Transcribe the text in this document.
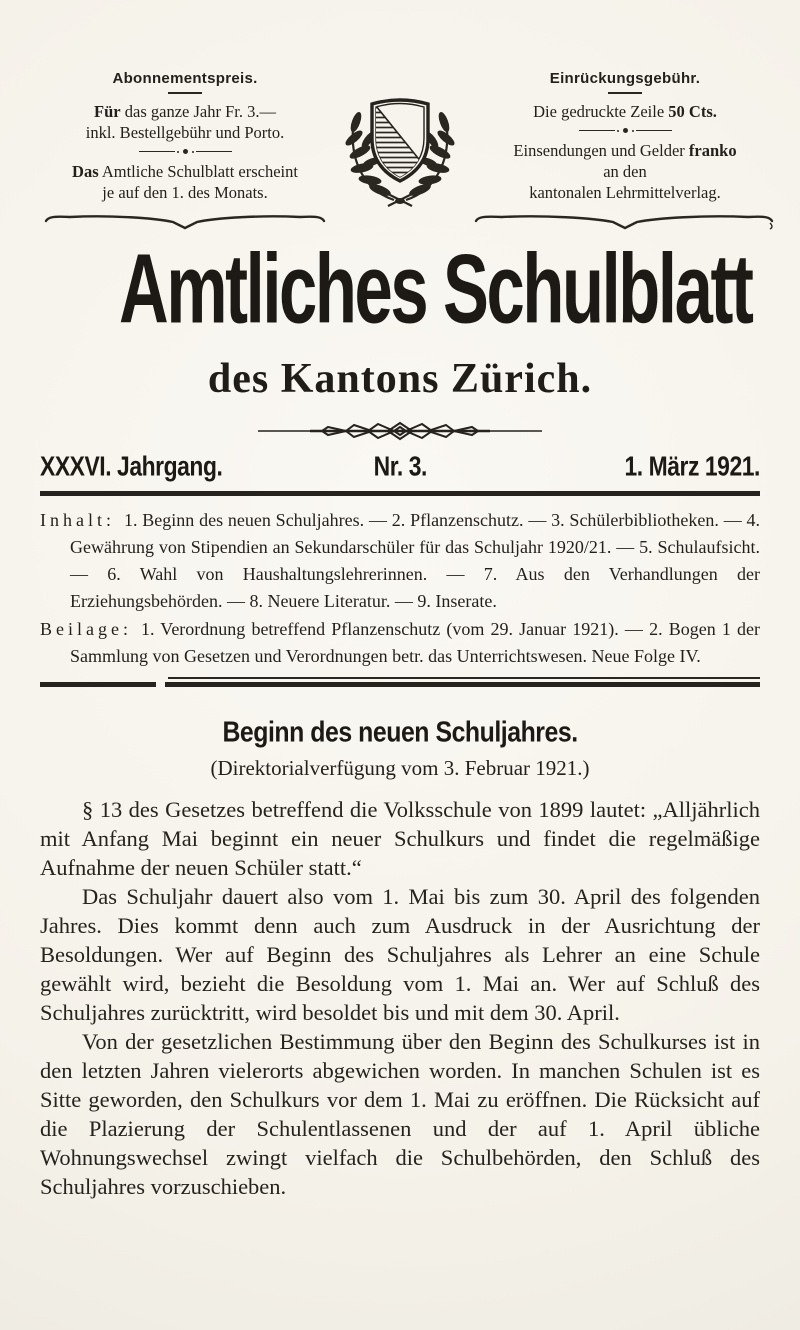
Abonnementspreis.
Für das ganze Jahr Fr. 3.—
inkl. Bestellgebühr und Porto.
Das Amtliche Schulblatt erscheint
je auf den 1. des Monats.
Einrückungsgebühr.
Die gedruckte Zeile 50 Cts.
Einsendungen und Gelder franko
an den
kantonalen Lehrmittelverlag.
Amtliches Schulblatt
des Kantons Zürich.
XXXVI. Jahrgang.	Nr. 3.	1. März 1921.
Inhalt: 1. Beginn des neuen Schuljahres. — 2. Pflanzenschutz. — 3. Schülerbibliotheken. — 4. Gewährung von Stipendien an Sekundarschüler für das Schuljahr 1920/21. — 5. Schulaufsicht. — 6. Wahl von Haushaltungslehrerinnen. — 7. Aus den Verhandlungen der Erziehungsbehörden. — 8. Neuere Literatur. — 9. Inserate.
Beilage: 1. Verordnung betreffend Pflanzenschutz (vom 29. Januar 1921). — 2. Bogen 1 der Sammlung von Gesetzen und Verordnungen betr. das Unterrichtswesen. Neue Folge IV.
Beginn des neuen Schuljahres.
(Direktorialverfügung vom 3. Februar 1921.)

§ 13 des Gesetzes betreffend die Volksschule von 1899 lautet: „Alljährlich mit Anfang Mai beginnt ein neuer Schulkurs und findet die regelmäßige Aufnahme der neuen Schüler statt.“

Das Schuljahr dauert also vom 1. Mai bis zum 30. April des folgenden Jahres. Dies kommt denn auch zum Ausdruck in der Ausrichtung der Besoldungen. Wer auf Beginn des Schuljahres als Lehrer an eine Schule gewählt wird, bezieht die Besoldung vom 1. Mai an. Wer auf Schluß des Schuljahres zurücktritt, wird besoldet bis und mit dem 30. April.

Von der gesetzlichen Bestimmung über den Beginn des Schulkurses ist in den letzten Jahren vielerorts abgewichen worden. In manchen Schulen ist es Sitte geworden, den Schulkurs vor dem 1. Mai zu eröffnen. Die Rücksicht auf die Plazierung der Schulentlassenen und der auf 1. April übliche Wohnungswechsel zwingt vielfach die Schulbehörden, den Schluß des Schuljahres vorzuschieben.
